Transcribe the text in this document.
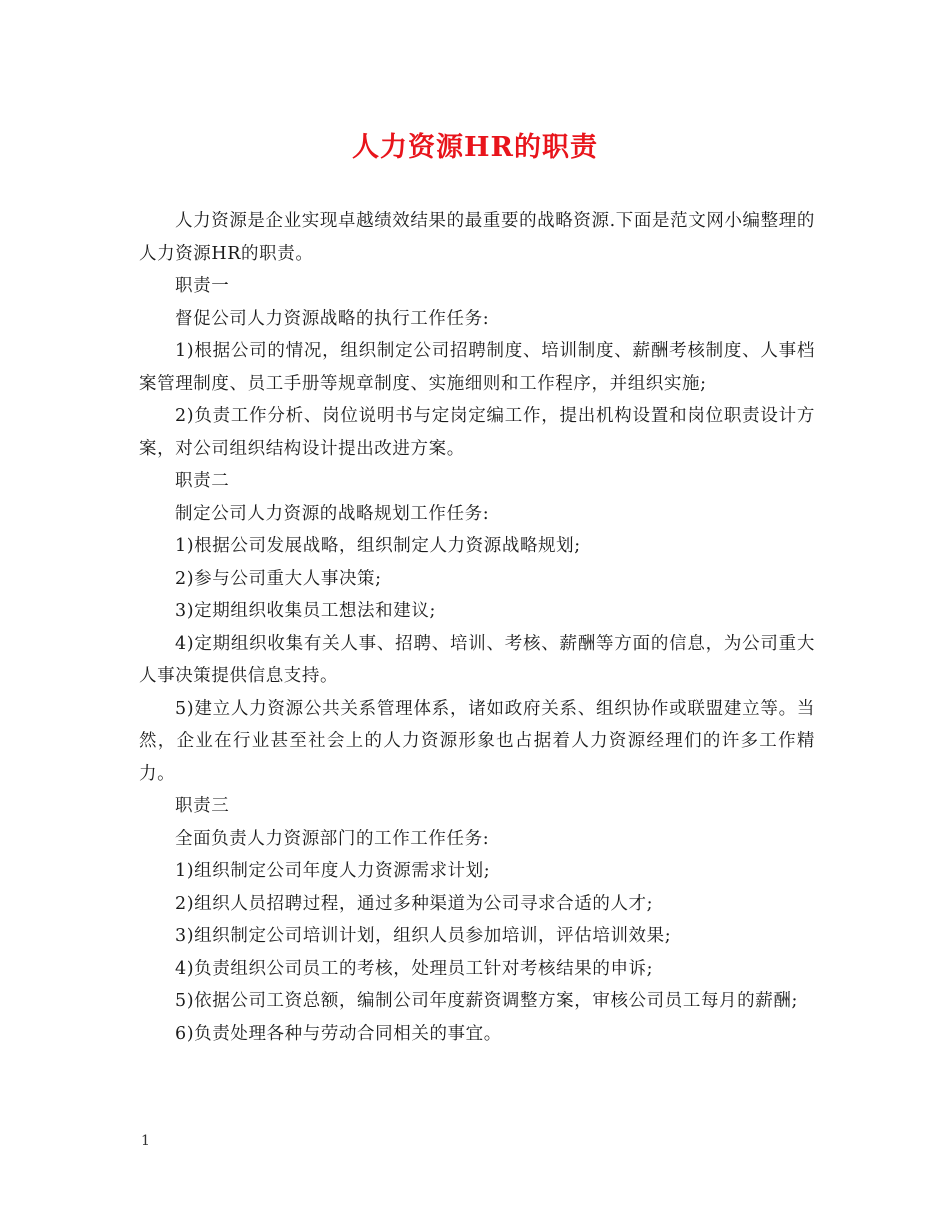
人力资源HR的职责

人力资源是企业实现卓越绩效结果的最重要的战略资源.下面是范文网小编整理的人力资源HR的职责。

职责一

督促公司人力资源战略的执行工作任务:

1)根据公司的情况，组织制定公司招聘制度、培训制度、薪酬考核制度、人事档案管理制度、员工手册等规章制度、实施细则和工作程序，并组织实施;

2)负责工作分析、岗位说明书与定岗定编工作，提出机构设置和岗位职责设计方案，对公司组织结构设计提出改进方案。

职责二

制定公司人力资源的战略规划工作任务:

1)根据公司发展战略，组织制定人力资源战略规划;

2)参与公司重大人事决策;

3)定期组织收集员工想法和建议;

4)定期组织收集有关人事、招聘、培训、考核、薪酬等方面的信息，为公司重大人事决策提供信息支持。

5)建立人力资源公共关系管理体系，诸如政府关系、组织协作或联盟建立等。当然，企业在行业甚至社会上的人力资源形象也占据着人力资源经理们的许多工作精力。

职责三

全面负责人力资源部门的工作工作任务:

1)组织制定公司年度人力资源需求计划;

2)组织人员招聘过程，通过多种渠道为公司寻求合适的人才;

3)组织制定公司培训计划，组织人员参加培训，评估培训效果;

4)负责组织公司员工的考核，处理员工针对考核结果的申诉;

5)依据公司工资总额，编制公司年度薪资调整方案，审核公司员工每月的薪酬;

6)负责处理各种与劳动合同相关的事宜。

1
